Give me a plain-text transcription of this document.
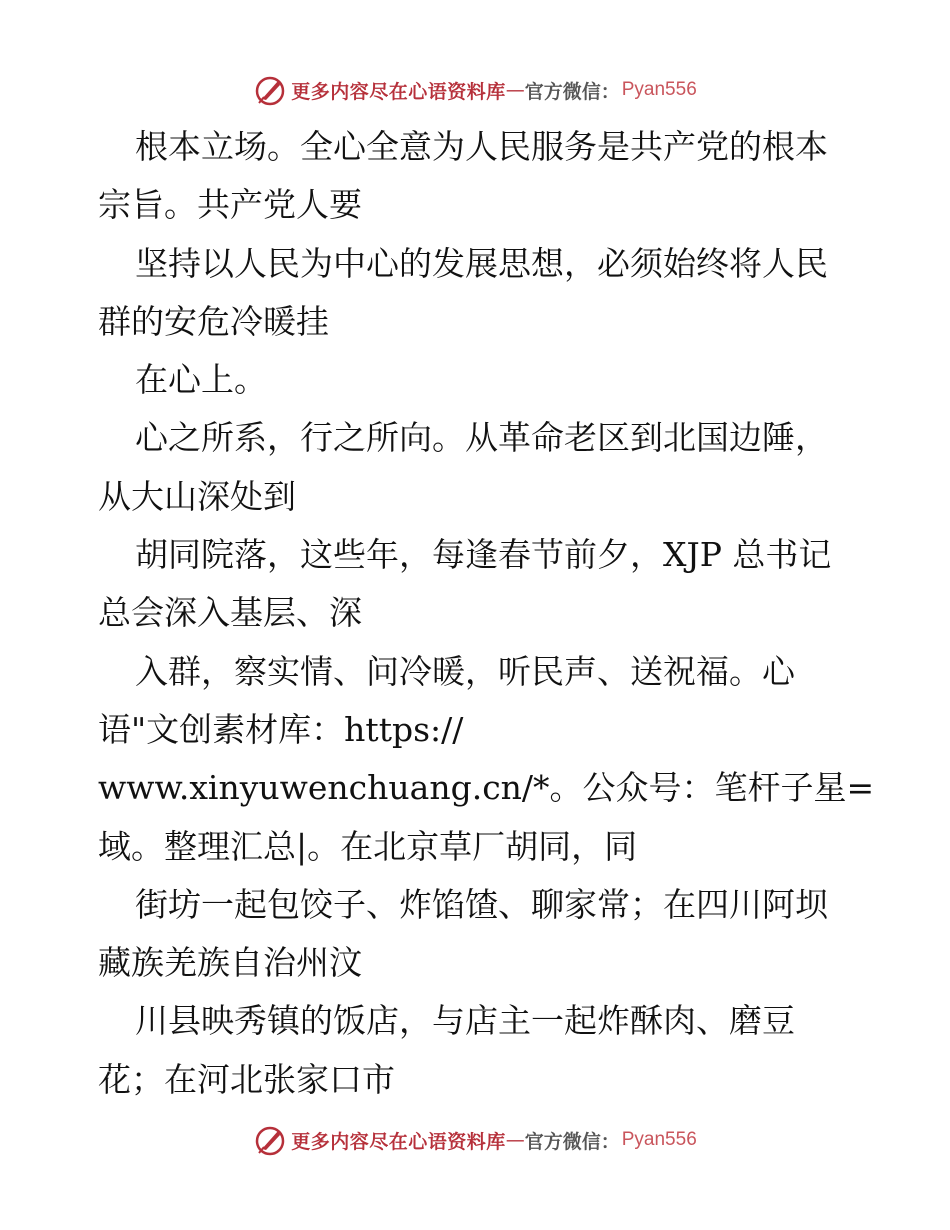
更多内容尽在心语资料库 — 官方微信： Pyan556
根本立场。全心全意为人民服务是共产党的根本
宗旨。共产党人要
坚持以人民为中心的发展思想，必须始终将人民
群的安危冷暖挂
在心上。
心之所系，行之所向。从革命老区到北国边陲，
从大山深处到
胡同院落，这些年，每逢春节前夕，XJP 总书记
总会深入基层、深
入群，察实情、问冷暖，听民声、送祝福。心
语"文创素材库：https://
www.xinyuwenchuang.cn/*。公众号：笔杆子星=
域。整理汇总|。在北京草厂胡同，同
街坊一起包饺子、炸馅馇、聊家常；在四川阿坝
藏族羌族自治州汶
川县映秀镇的饭店，与店主一起炸酥肉、磨豆
花；在河北张家口市
更多内容尽在心语资料库 — 官方微信： Pyan556
